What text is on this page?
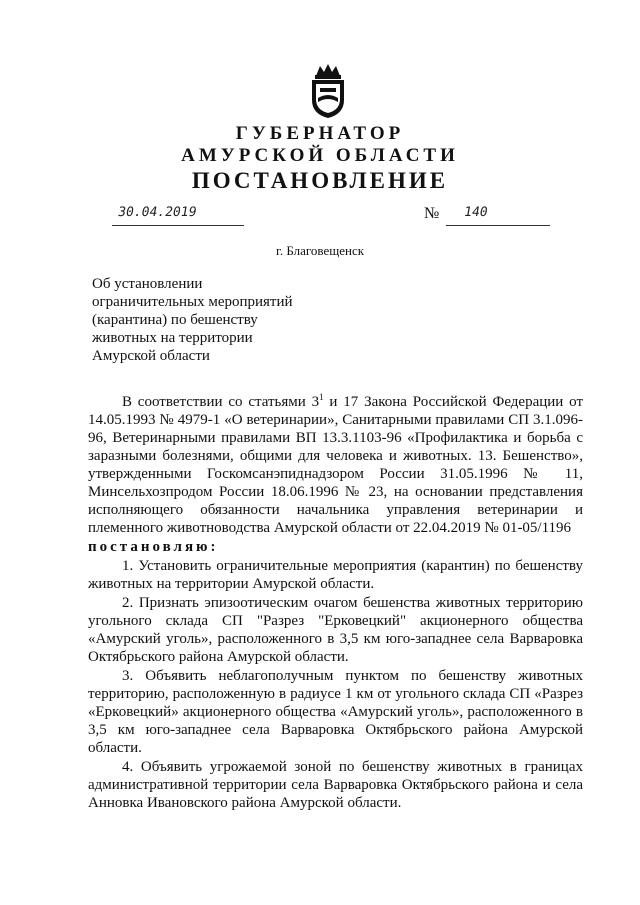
ГУБЕРНАТОР
АМУРСКОЙ ОБЛАСТИ
ПОСТАНОВЛЕНИЕ
30.04.2019	№ 140
г. Благовещенск
Об установлении
ограничительных мероприятий
(карантина) по бешенству
животных на территории
Амурской области
В соответствии со статьями $3^1$ и 17 Закона Российской Федерации от 14.05.1993 № 4979-1 «О ветеринарии», Санитарными правилами СП 3.1.096-96, Ветеринарными правилами ВП 13.3.1103-96 «Профилактика и борьба с заразными болезнями, общими для человека и животных. 13. Бешенство», утвержденными Госкомсанэпиднадзором России 31.05.1996 № 11, Минсельхозпродом России 18.06.1996 № 23, на основании представления исполняющего обязанности начальника управления ветеринарии и племенного животноводства Амурской области от 22.04.2019 № 01-05/1196
постановляю:
1. Установить ограничительные мероприятия (карантин) по бешенству животных на территории Амурской области.
2. Признать эпизоотическим очагом бешенства животных территорию угольного склада СП "Разрез "Ерковецкий" акционерного общества «Амурский уголь», расположенного в 3,5 км юго-западнее села Варваровка Октябрьского района Амурской области.
3. Объявить неблагополучным пунктом по бешенству животных территорию, расположенную в радиусе 1 км от угольного склада СП «Разрез «Ерковецкий» акционерного общества «Амурский уголь», расположенного в 3,5 км юго-западнее села Варваровка Октябрьского района Амурской области.
4. Объявить угрожаемой зоной по бешенству животных в границах административной территории села Варваровка Октябрьского района и села Анновка Ивановского района Амурской области.
